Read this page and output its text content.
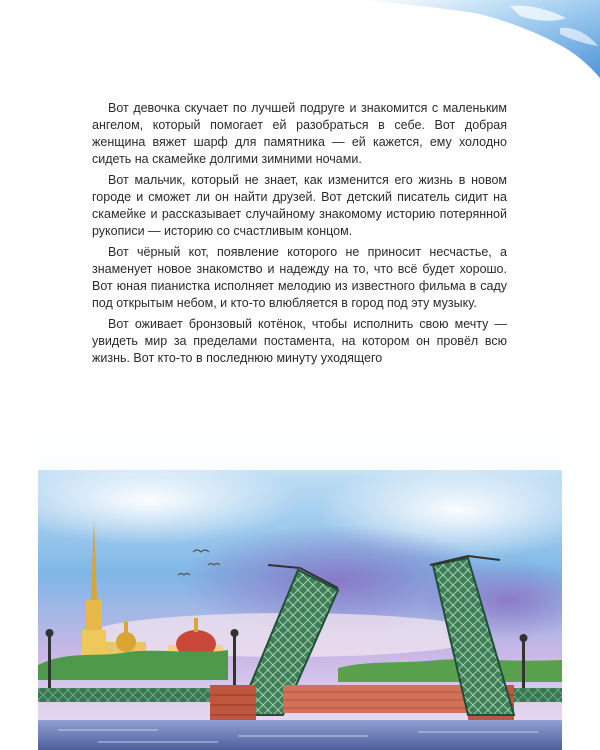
Вот девочка скучает по лучшей подруге и знакомится с маленьким ангелом, который помогает ей разобраться в себе. Вот добрая женщина вяжет шарф для памятника — ей кажется, ему холодно сидеть на скамейке долгими зимними ночами.

Вот мальчик, который не знает, как изменится его жизнь в новом городе и сможет ли он найти друзей. Вот детский писатель сидит на скамейке и рассказывает случайному знакомому историю потерянной рукописи — историю со счастливым концом.

Вот чёрный кот, появление которого не приносит несчастье, а знаменует новое знакомство и надежду на то, что всё будет хорошо. Вот юная пианистка исполняет мелодию из известного фильма в саду под открытым небом, и кто-то влюбляется в город под эту музыку.

Вот оживает бронзовый котёнок, чтобы исполнить свою мечту — увидеть мир за пределами постамента, на котором он провёл всю жизнь. Вот кто-то в последнюю минуту уходящего
